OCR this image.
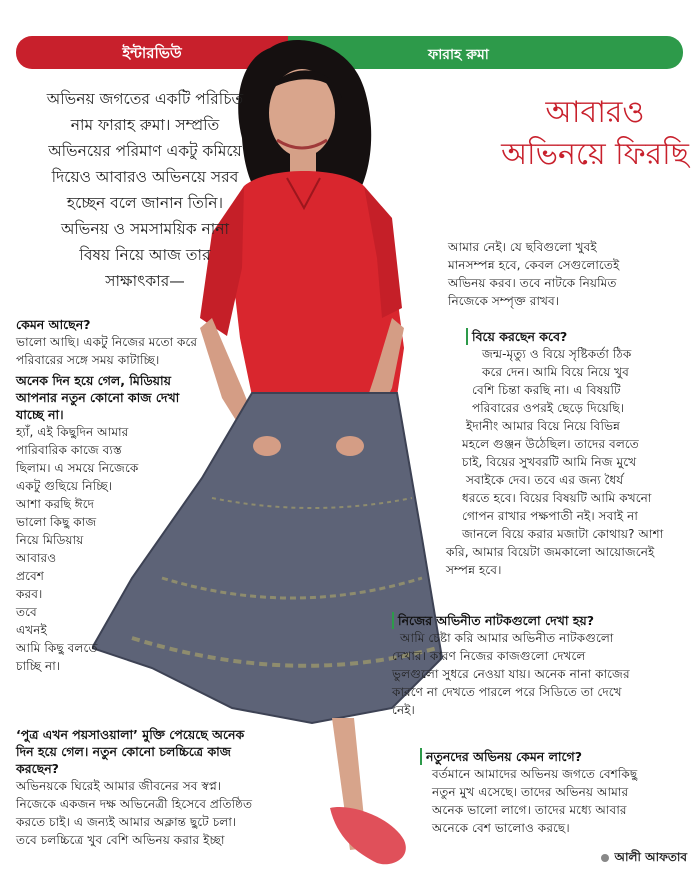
ইন্টারভিউ	ফারাহ রুমা
অভিনয় জগতের একটি পরিচিত
নাম ফারাহ রুমা। সম্প্রতি
অভিনয়ের পরিমাণ একটু কমিয়ে
দিয়েও আবারও অভিনয়ে সরব
হচ্ছেন বলে জানান তিনি।
অভিনয় ও সমসাময়িক নানা
বিষয় নিয়ে আজ তার
সাক্ষাৎকার—
আবারও
অভিনয়ে ফিরছি
কেমন আছেন?
ভালো আছি। একটু নিজের মতো করে
পরিবারের সঙ্গে সময় কাটাচ্ছি।
অনেক দিন হয়ে গেল, মিডিয়ায়
আপনার নতুন কোনো কাজ দেখা
যাচ্ছে না।
হ্যাঁ, এই কিছুদিন আমার
পারিবারিক কাজে ব্যস্ত
ছিলাম। এ সময়ে নিজেকে
একটু গুছিয়ে নিচ্ছি।
আশা করছি ঈদে
ভালো কিছু কাজ
নিয়ে মিডিয়ায়
আবারও
প্রবেশ
করব।
তবে
এখনই
আমি কিছু বলতে
চাচ্ছি না।
‘পুত্র এখন পয়সাওয়ালা’ মুক্তি পেয়েছে অনেক
দিন হয়ে গেল। নতুন কোনো চলচ্চিত্রে কাজ
করছেন?
অভিনয়কে ঘিরেই আমার জীবনের সব স্বপ্ন।
নিজেকে একজন দক্ষ অভিনেত্রী হিসেবে প্রতিষ্ঠিত
করতে চাই। এ জন্যই আমার অক্লান্ত ছুটে চলা।
তবে চলচ্চিত্রে খুব বেশি অভিনয় করার ইচ্ছা
আমার নেই। যে ছবিগুলো খুবই
মানসম্পন্ন হবে, কেবল সেগুলোতেই
অভিনয় করব। তবে নাটকে নিয়মিত
নিজেকে সম্পৃক্ত রাখব।
বিয়ে করছেন কবে?
জন্ম-মৃত্যু ও বিয়ে সৃষ্টিকর্তা ঠিক
করে দেন। আমি বিয়ে নিয়ে খুব
বেশি চিন্তা করছি না। এ বিষয়টি
পরিবারের ওপরই ছেড়ে দিয়েছি।
ইদানীং আমার বিয়ে নিয়ে বিভিন্ন
মহলে গুঞ্জন উঠেছিল। তাদের বলতে
চাই, বিয়ের সুখবরটি আমি নিজ মুখে
সবাইকে দেব। তবে এর জন্য ধৈর্য
ধরতে হবে। বিয়ের বিষয়টি আমি কখনো
গোপন রাখার পক্ষপাতী নই। সবাই না
জানলে বিয়ে করার মজাটা কোথায়? আশা
করি, আমার বিয়েটা জমকালো আয়োজনেই
সম্পন্ন হবে।
নিজের অভিনীত নাটকগুলো দেখা হয়?
আমি চেষ্টা করি আমার অভিনীত নাটকগুলো
দেখার। কারণ নিজের কাজগুলো দেখলে
ভুলগুলো সুধরে নেওয়া যায়। অনেক নানা কাজের
কারণে না দেখতে পারলে পরে সিডিতে তা দেখে
নেই।
নতুনদের অভিনয় কেমন লাগে?
বর্তমানে আমাদের অভিনয় জগতে বেশকিছু
নতুন মুখ এসেছে। তাদের অভিনয় আমার
অনেক ভালো লাগে। তাদের মধ্যে আবার
অনেকে বেশ ভালোও করছে।
আলী আফতাব
